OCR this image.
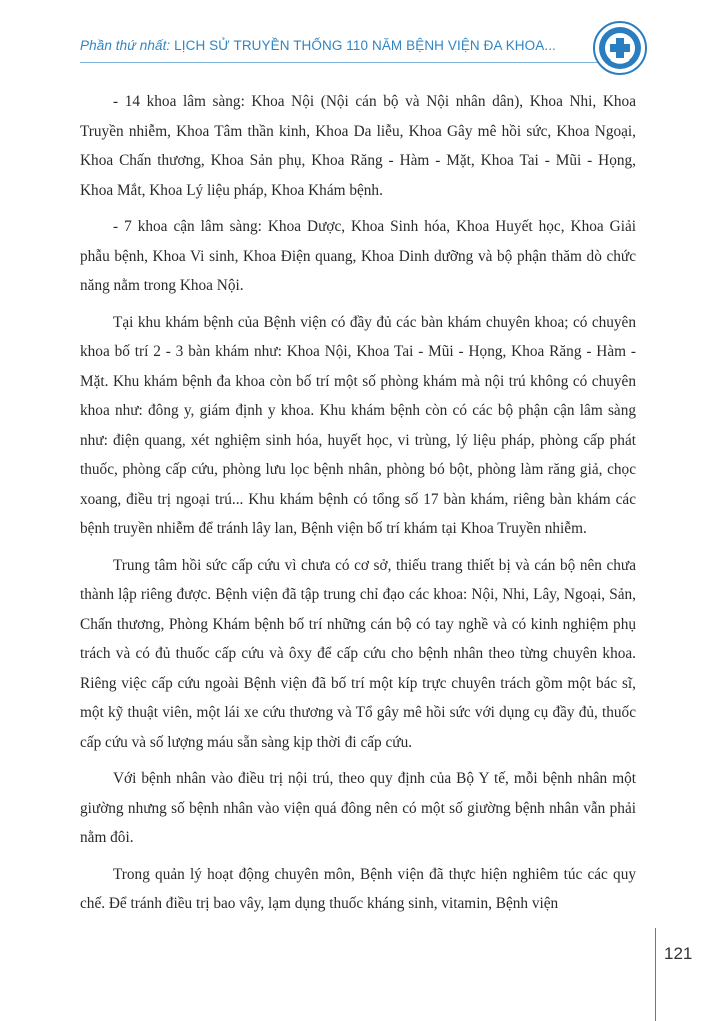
Phần thứ nhất: LỊCH SỬ TRUYỀN THỐNG 110 NĂM BỆNH VIỆN ĐA KHOA...

- 14 khoa lâm sàng: Khoa Nội (Nội cán bộ và Nội nhân dân), Khoa Nhi, Khoa Truyền nhiễm, Khoa Tâm thần kinh, Khoa Da liễu, Khoa Gây mê hồi sức, Khoa Ngoại, Khoa Chấn thương, Khoa Sản phụ, Khoa Răng - Hàm - Mặt, Khoa Tai - Mũi - Họng, Khoa Mắt, Khoa Lý liệu pháp, Khoa Khám bệnh.

- 7 khoa cận lâm sàng: Khoa Dược, Khoa Sinh hóa, Khoa Huyết học, Khoa Giải phẫu bệnh, Khoa Vi sinh, Khoa Điện quang, Khoa Dinh dưỡng và bộ phận thăm dò chức năng nằm trong Khoa Nội.

Tại khu khám bệnh của Bệnh viện có đầy đủ các bàn khám chuyên khoa; có chuyên khoa bố trí 2 - 3 bàn khám như: Khoa Nội, Khoa Tai - Mũi - Họng, Khoa Răng - Hàm - Mặt. Khu khám bệnh đa khoa còn bố trí một số phòng khám mà nội trú không có chuyên khoa như: đông y, giám định y khoa. Khu khám bệnh còn có các bộ phận cận lâm sàng như: điện quang, xét nghiệm sinh hóa, huyết học, vi trùng, lý liệu pháp, phòng cấp phát thuốc, phòng cấp cứu, phòng lưu lọc bệnh nhân, phòng bó bột, phòng làm răng giả, chọc xoang, điều trị ngoại trú... Khu khám bệnh có tổng số 17 bàn khám, riêng bàn khám các bệnh truyền nhiễm để tránh lây lan, Bệnh viện bố trí khám tại Khoa Truyền nhiễm.

Trung tâm hồi sức cấp cứu vì chưa có cơ sở, thiếu trang thiết bị và cán bộ nên chưa thành lập riêng được. Bệnh viện đã tập trung chỉ đạo các khoa: Nội, Nhi, Lây, Ngoại, Sản, Chấn thương, Phòng Khám bệnh bố trí những cán bộ có tay nghề và có kinh nghiệm phụ trách và có đủ thuốc cấp cứu và ôxy để cấp cứu cho bệnh nhân theo từng chuyên khoa. Riêng việc cấp cứu ngoài Bệnh viện đã bố trí một kíp trực chuyên trách gồm một bác sĩ, một kỹ thuật viên, một lái xe cứu thương và Tổ gây mê hồi sức với dụng cụ đầy đủ, thuốc cấp cứu và số lượng máu sẵn sàng kịp thời đi cấp cứu.

Với bệnh nhân vào điều trị nội trú, theo quy định của Bộ Y tế, mỗi bệnh nhân một giường nhưng số bệnh nhân vào viện quá đông nên có một số giường bệnh nhân vẫn phải nằm đôi.

Trong quản lý hoạt động chuyên môn, Bệnh viện đã thực hiện nghiêm túc các quy chế. Để tránh điều trị bao vây, lạm dụng thuốc kháng sinh, vitamin, Bệnh viện

121
